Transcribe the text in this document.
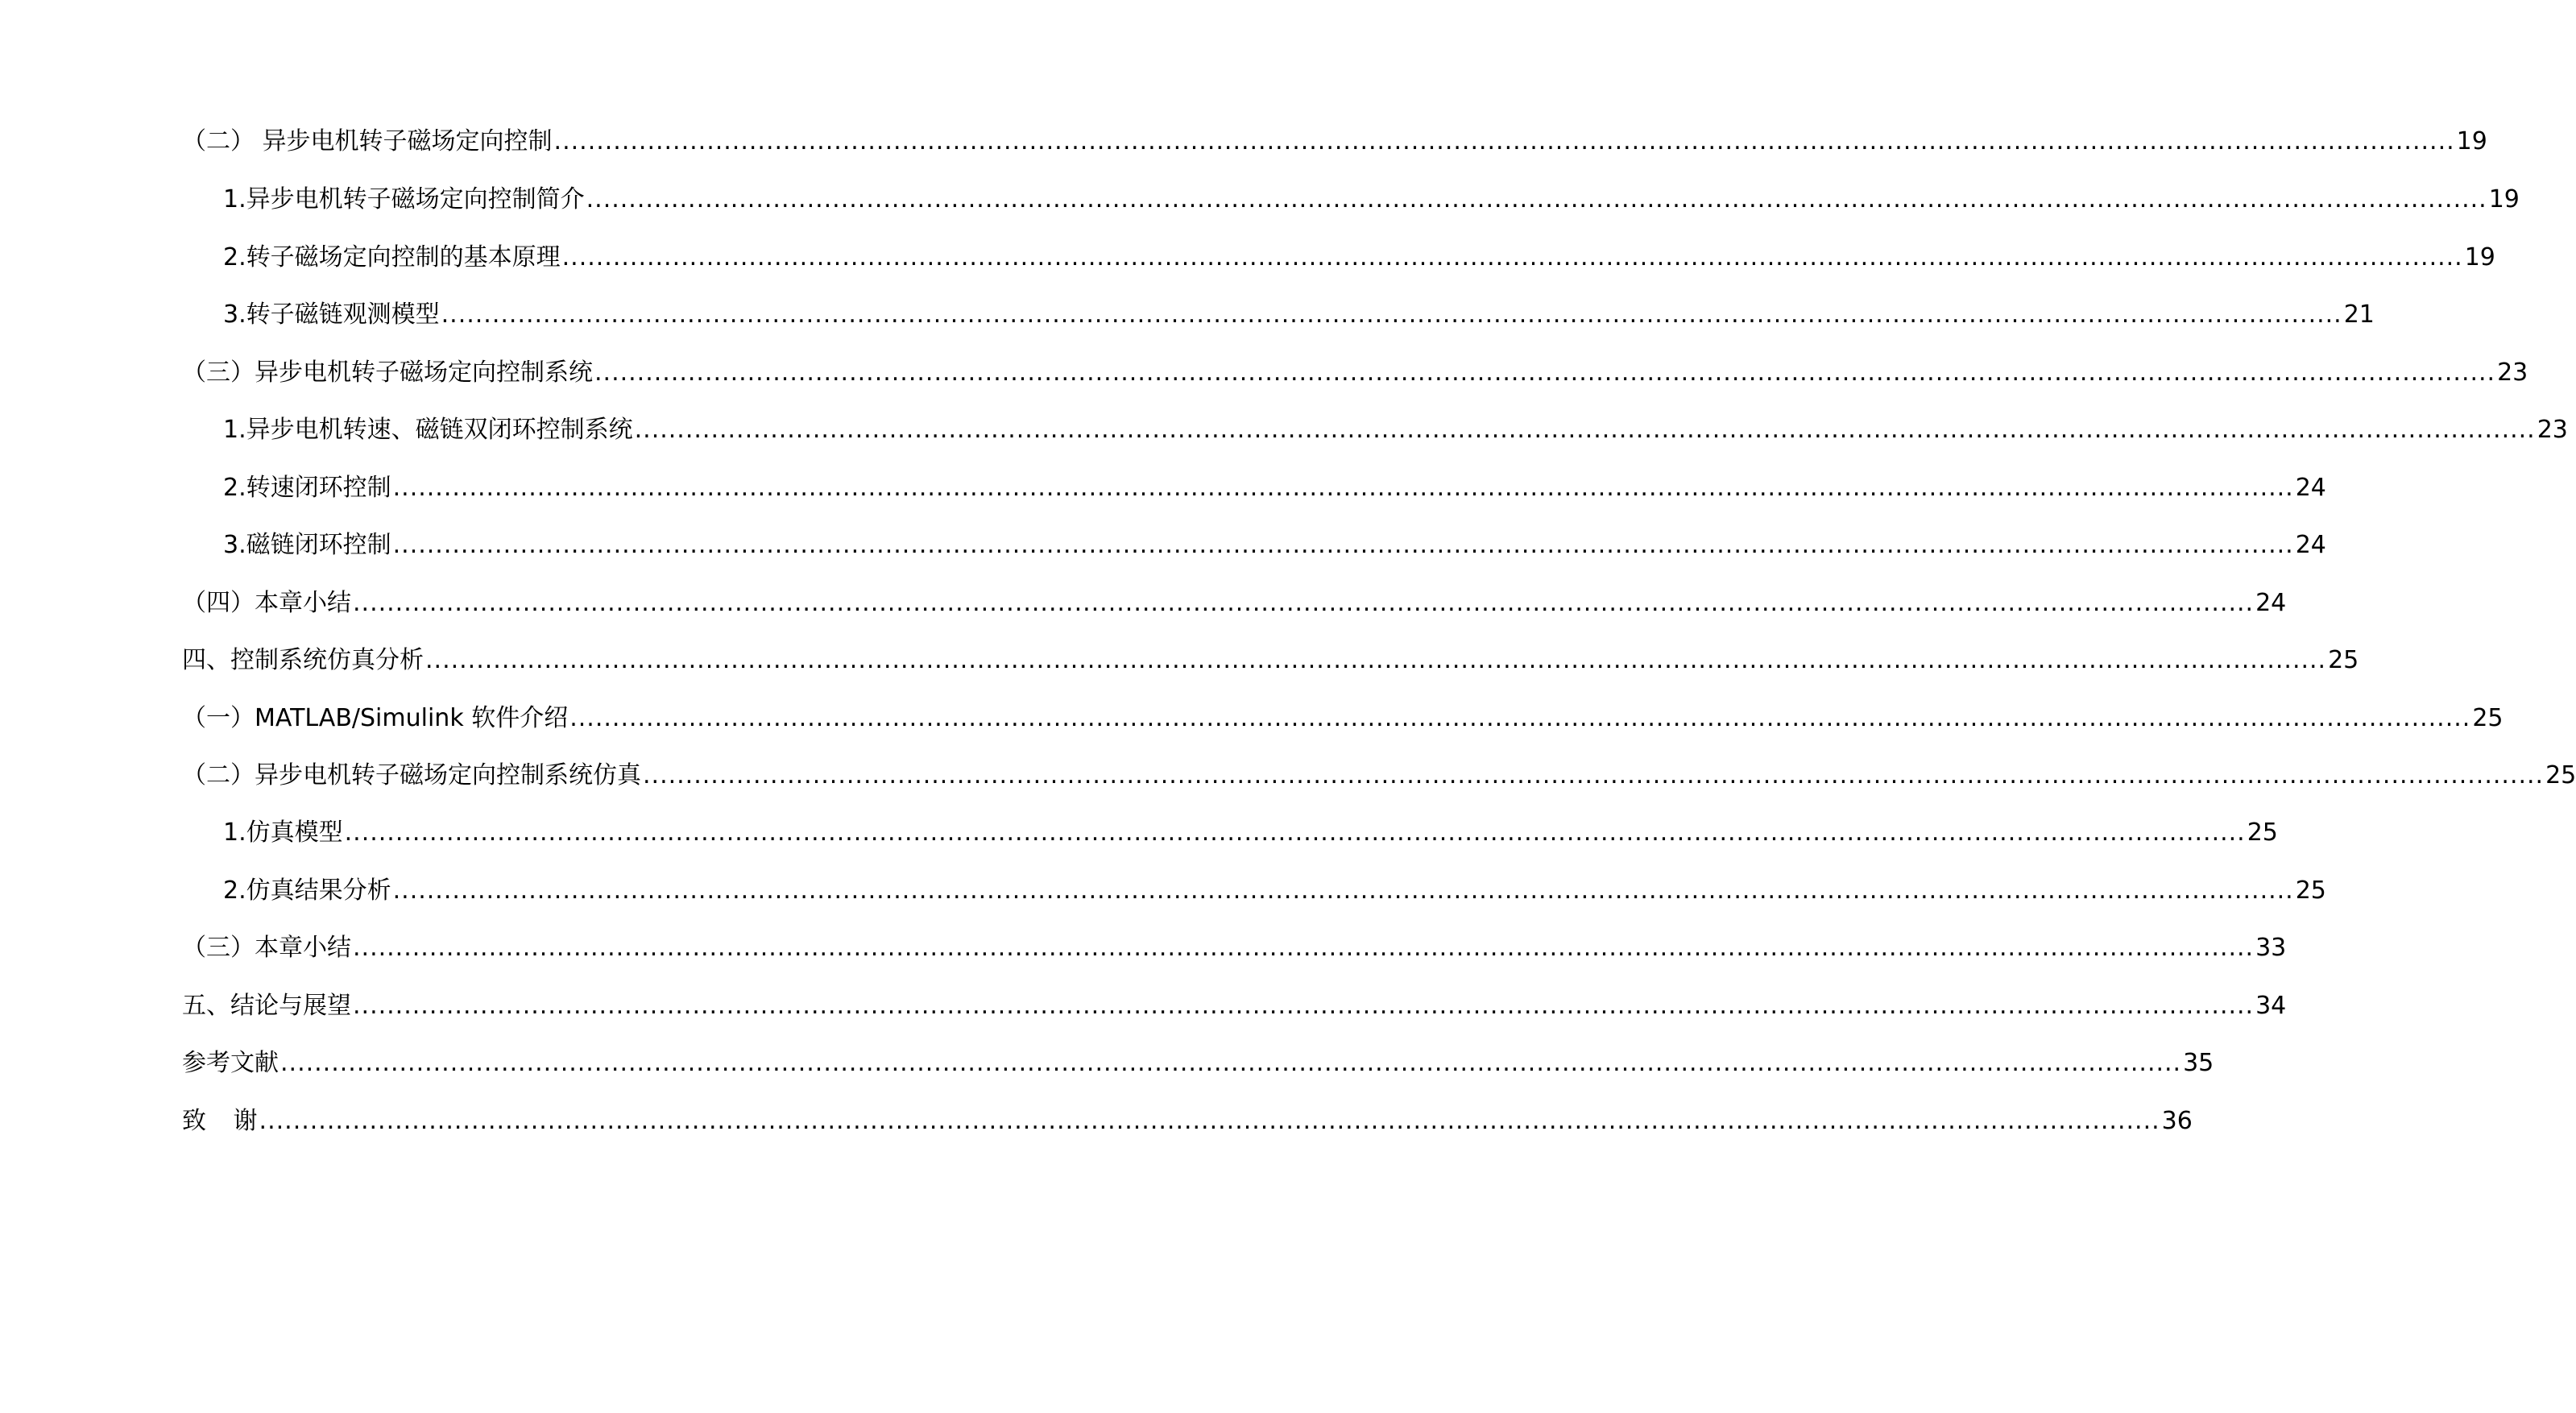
（二） 异步电机转子磁场定向控制 ................................................................................................................................................................................................................................ 19
1.异步电机转子磁场定向控制简介 ................................................................................................................................................................................................................................ 19
2.转子磁场定向控制的基本原理 ................................................................................................................................................................................................................................ 19
3.转子磁链观测模型 ................................................................................................................................................................................................................................ 21
（三）异步电机转子磁场定向控制系统 ................................................................................................................................................................................................................................ 23
1.异步电机转速、磁链双闭环控制系统 ................................................................................................................................................................................................................................ 23
2.转速闭环控制 ................................................................................................................................................................................................................................ 24
3.磁链闭环控制 ................................................................................................................................................................................................................................ 24
（四）本章小结 ................................................................................................................................................................................................................................ 24
四、控制系统仿真分析 ................................................................................................................................................................................................................................ 25
（一）MATLAB/Simulink 软件介绍 ................................................................................................................................................................................................................................ 25
（二）异步电机转子磁场定向控制系统仿真 ................................................................................................................................................................................................................................ 25
1.仿真模型 ................................................................................................................................................................................................................................ 25
2.仿真结果分析 ................................................................................................................................................................................................................................ 25
（三）本章小结 ................................................................................................................................................................................................................................ 33
五、结论与展望 ................................................................................................................................................................................................................................ 34
参考文献 ................................................................................................................................................................................................................................ 35
致 谢 ................................................................................................................................................................................................................................ 36
